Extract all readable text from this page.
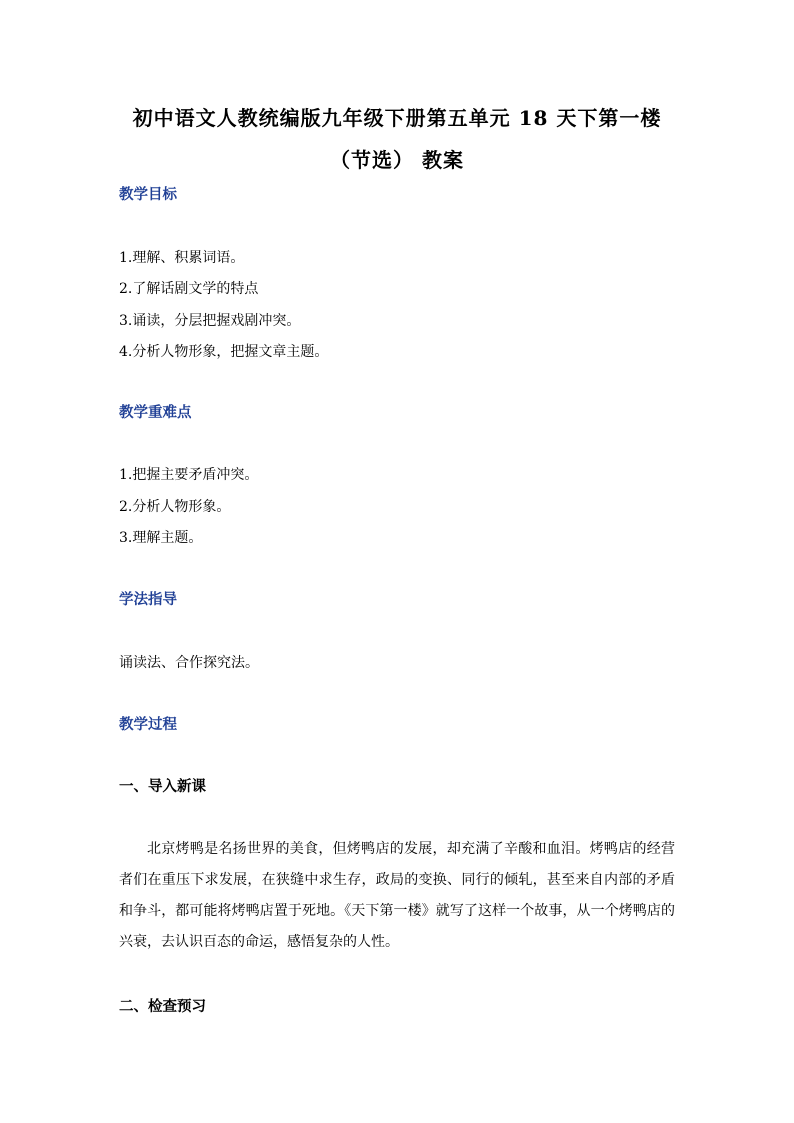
初中语文人教统编版九年级下册第五单元 18 天下第一楼
（节选） 教案
教学目标

1.理解、积累词语。

2.了解话剧文学的特点

3.诵读，分层把握戏剧冲突。

4.分析人物形象，把握文章主题。

教学重难点

1.把握主要矛盾冲突。

2.分析人物形象。

3.理解主题。

学法指导

诵读法、合作探究法。

教学过程
一、导入新课

北京烤鸭是名扬世界的美食，但烤鸭店的发展，却充满了辛酸和血泪。烤鸭店的经营者们在重压下求发展，在狭缝中求生存，政局的变换、同行的倾轧，甚至来自内部的矛盾和争斗，都可能将烤鸭店置于死地。《天下第一楼》就写了这样一个故事，从一个烤鸭店的兴衰，去认识百态的命运，感悟复杂的人性。

二、检查预习
